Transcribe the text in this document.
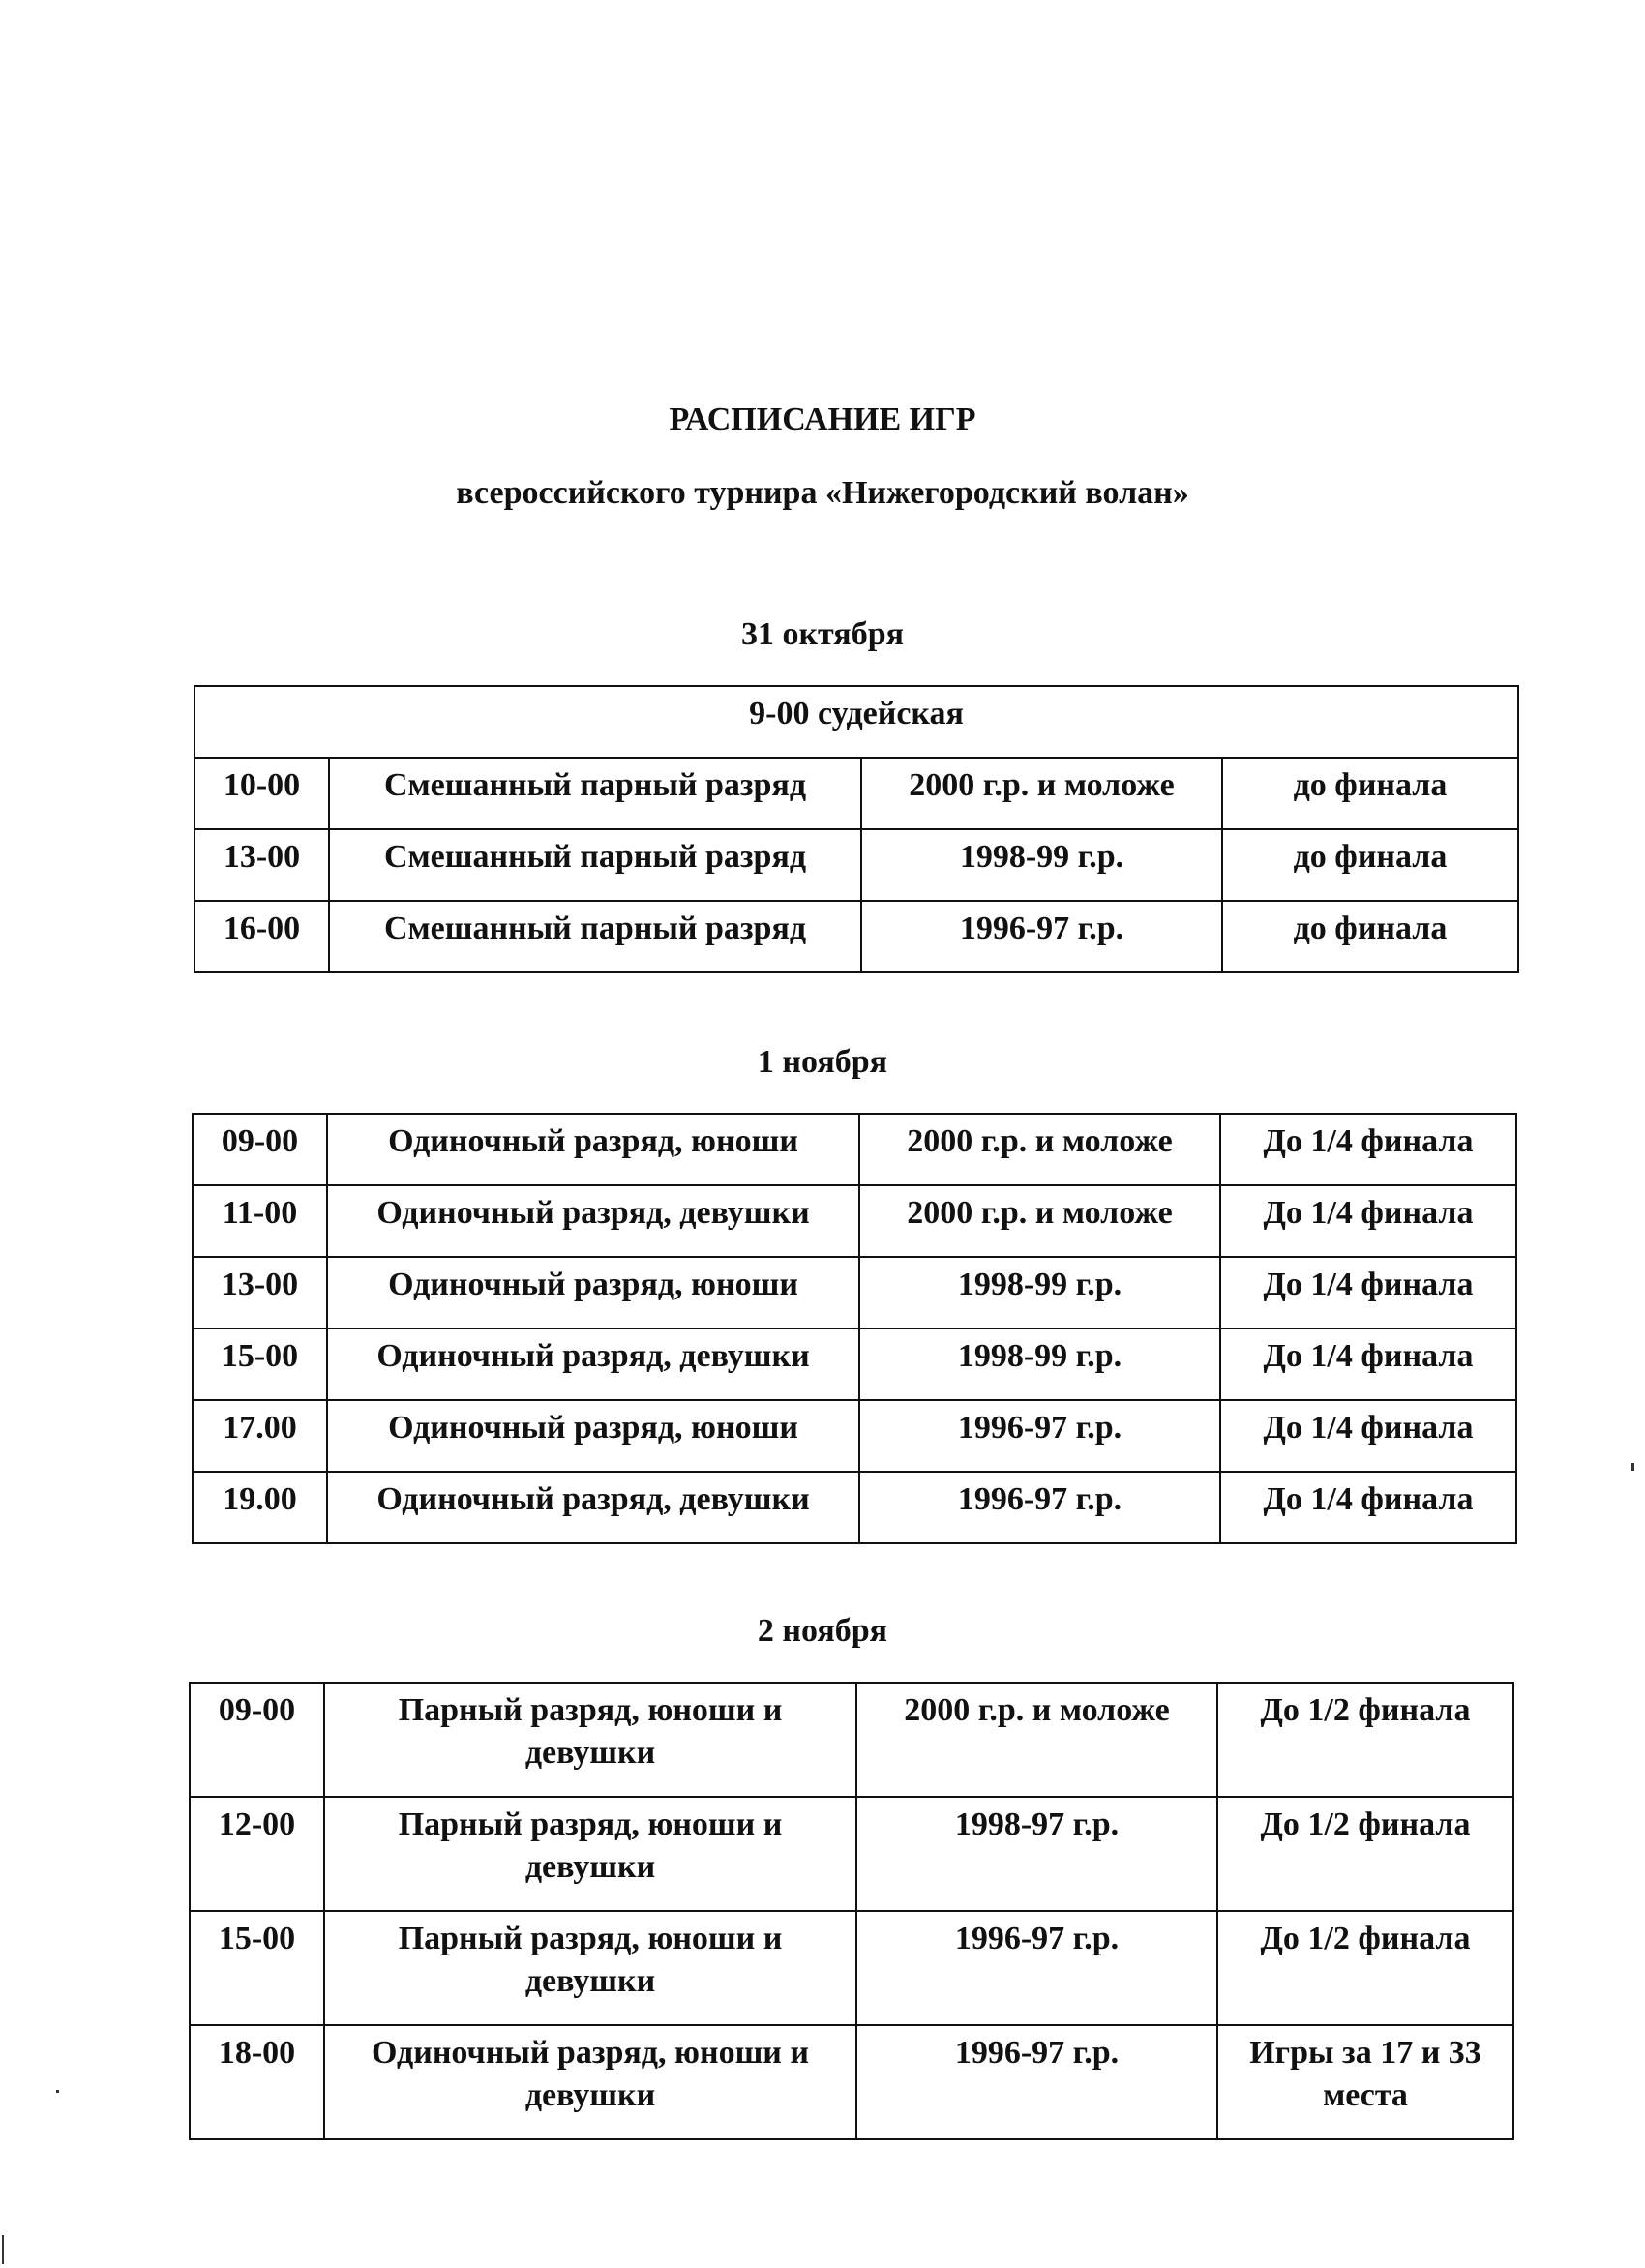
РАСПИСАНИЕ ИГР
всероссийского турнира «Нижегородский волан»
31 октября
9-00 судейская			
10-00	Смешанный парный разряд	2000 г.р. и моложе	до финала
13-00	Смешанный парный разряд	1998-99 г.р.	до финала
16-00	Смешанный парный разряд	1996-97 г.р.	до финала
1 ноября
09-00	Одиночный разряд, юноши	2000 г.р. и моложе	До 1/4 финала
11-00	Одиночный разряд, девушки	2000 г.р. и моложе	До 1/4 финала
13-00	Одиночный разряд, юноши	1998-99 г.р.	До 1/4 финала
15-00	Одиночный разряд, девушки	1998-99 г.р.	До 1/4 финала
17.00	Одиночный разряд, юноши	1996-97 г.р.	До 1/4 финала
19.00	Одиночный разряд, девушки	1996-97 г.р.	До 1/4 финала
2 ноября
09-00	Парный разряд, юноши и девушки	2000 г.р. и моложе	До 1/2 финала
12-00	Парный разряд, юноши и девушки	1998-97 г.р.	До 1/2 финала
15-00	Парный разряд, юноши и девушки	1996-97 г.р.	До 1/2 финала
18-00	Одиночный разряд, юноши и девушки	1996-97 г.р.	Игры за 17 и 33 места
